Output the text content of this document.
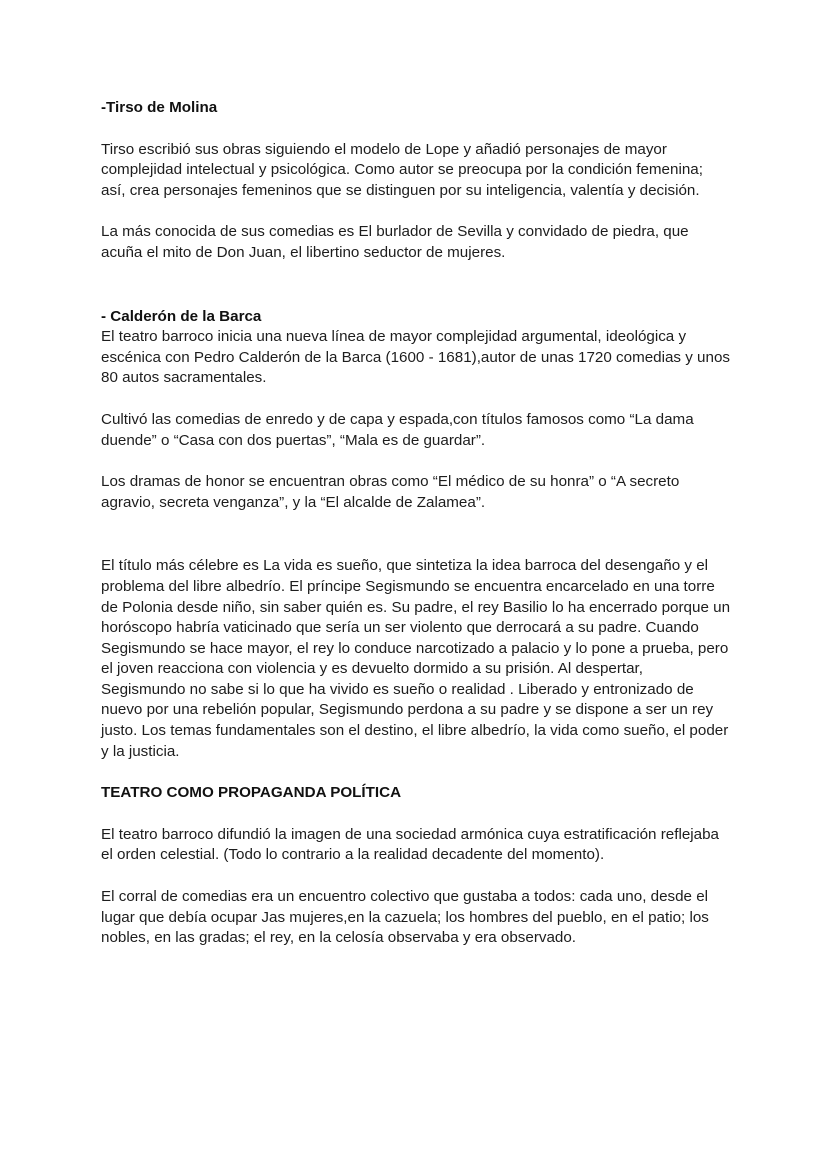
-Tirso de Molina

Tirso escribió sus obras siguiendo el modelo de Lope y añadió personajes de mayor complejidad intelectual y psicológica. Como autor se preocupa por la condición femenina; así, crea personajes femeninos que se distinguen por su inteligencia, valentía y decisión.

La más conocida de sus comedias es El burlador de Sevilla y convidado de piedra, que acuña el mito de Don Juan, el libertino seductor de mujeres.

- Calderón de la Barca

El teatro barroco inicia una nueva línea de mayor complejidad argumental, ideológica y escénica con Pedro Calderón de la Barca (1600 - 1681),autor de unas 1720 comedias y unos 80 autos sacramentales.

Cultivó las comedias de enredo y de capa y espada,con títulos famosos como “La dama duende” o “Casa con dos puertas”, “Mala es de guardar”.

Los dramas de honor se encuentran obras como “El médico de su honra” o “A secreto agravio, secreta venganza”, y la “El alcalde de Zalamea”.

El título más célebre es La vida es sueño, que sintetiza la idea barroca del desengaño y el problema del libre albedrío. El príncipe Segismundo se encuentra encarcelado en una torre de Polonia desde niño, sin saber quién es. Su padre, el rey Basilio lo ha encerrado porque un horóscopo habría vaticinado que sería un ser violento que derrocará a su padre. Cuando Segismundo se hace mayor, el rey lo conduce narcotizado a palacio y lo pone a prueba, pero el joven reacciona con violencia y es devuelto dormido a su prisión. Al despertar, Segismundo no sabe si lo que ha vivido es sueño o realidad . Liberado y entronizado de nuevo por una rebelión popular, Segismundo perdona a su padre y se dispone a ser un rey justo. Los temas fundamentales son el destino, el libre albedrío, la vida como sueño, el poder y la justicia.

TEATRO COMO PROPAGANDA POLÍTICA

El teatro barroco difundió la imagen de una sociedad armónica cuya estratificación reflejaba el orden celestial. (Todo lo contrario a la realidad decadente del momento).

El corral de comedias era un encuentro colectivo que gustaba a todos: cada uno, desde el lugar que debía ocupar Jas mujeres,en la cazuela; los hombres del pueblo, en el patio; los nobles, en las gradas; el rey, en la celosía observaba y era observado.
